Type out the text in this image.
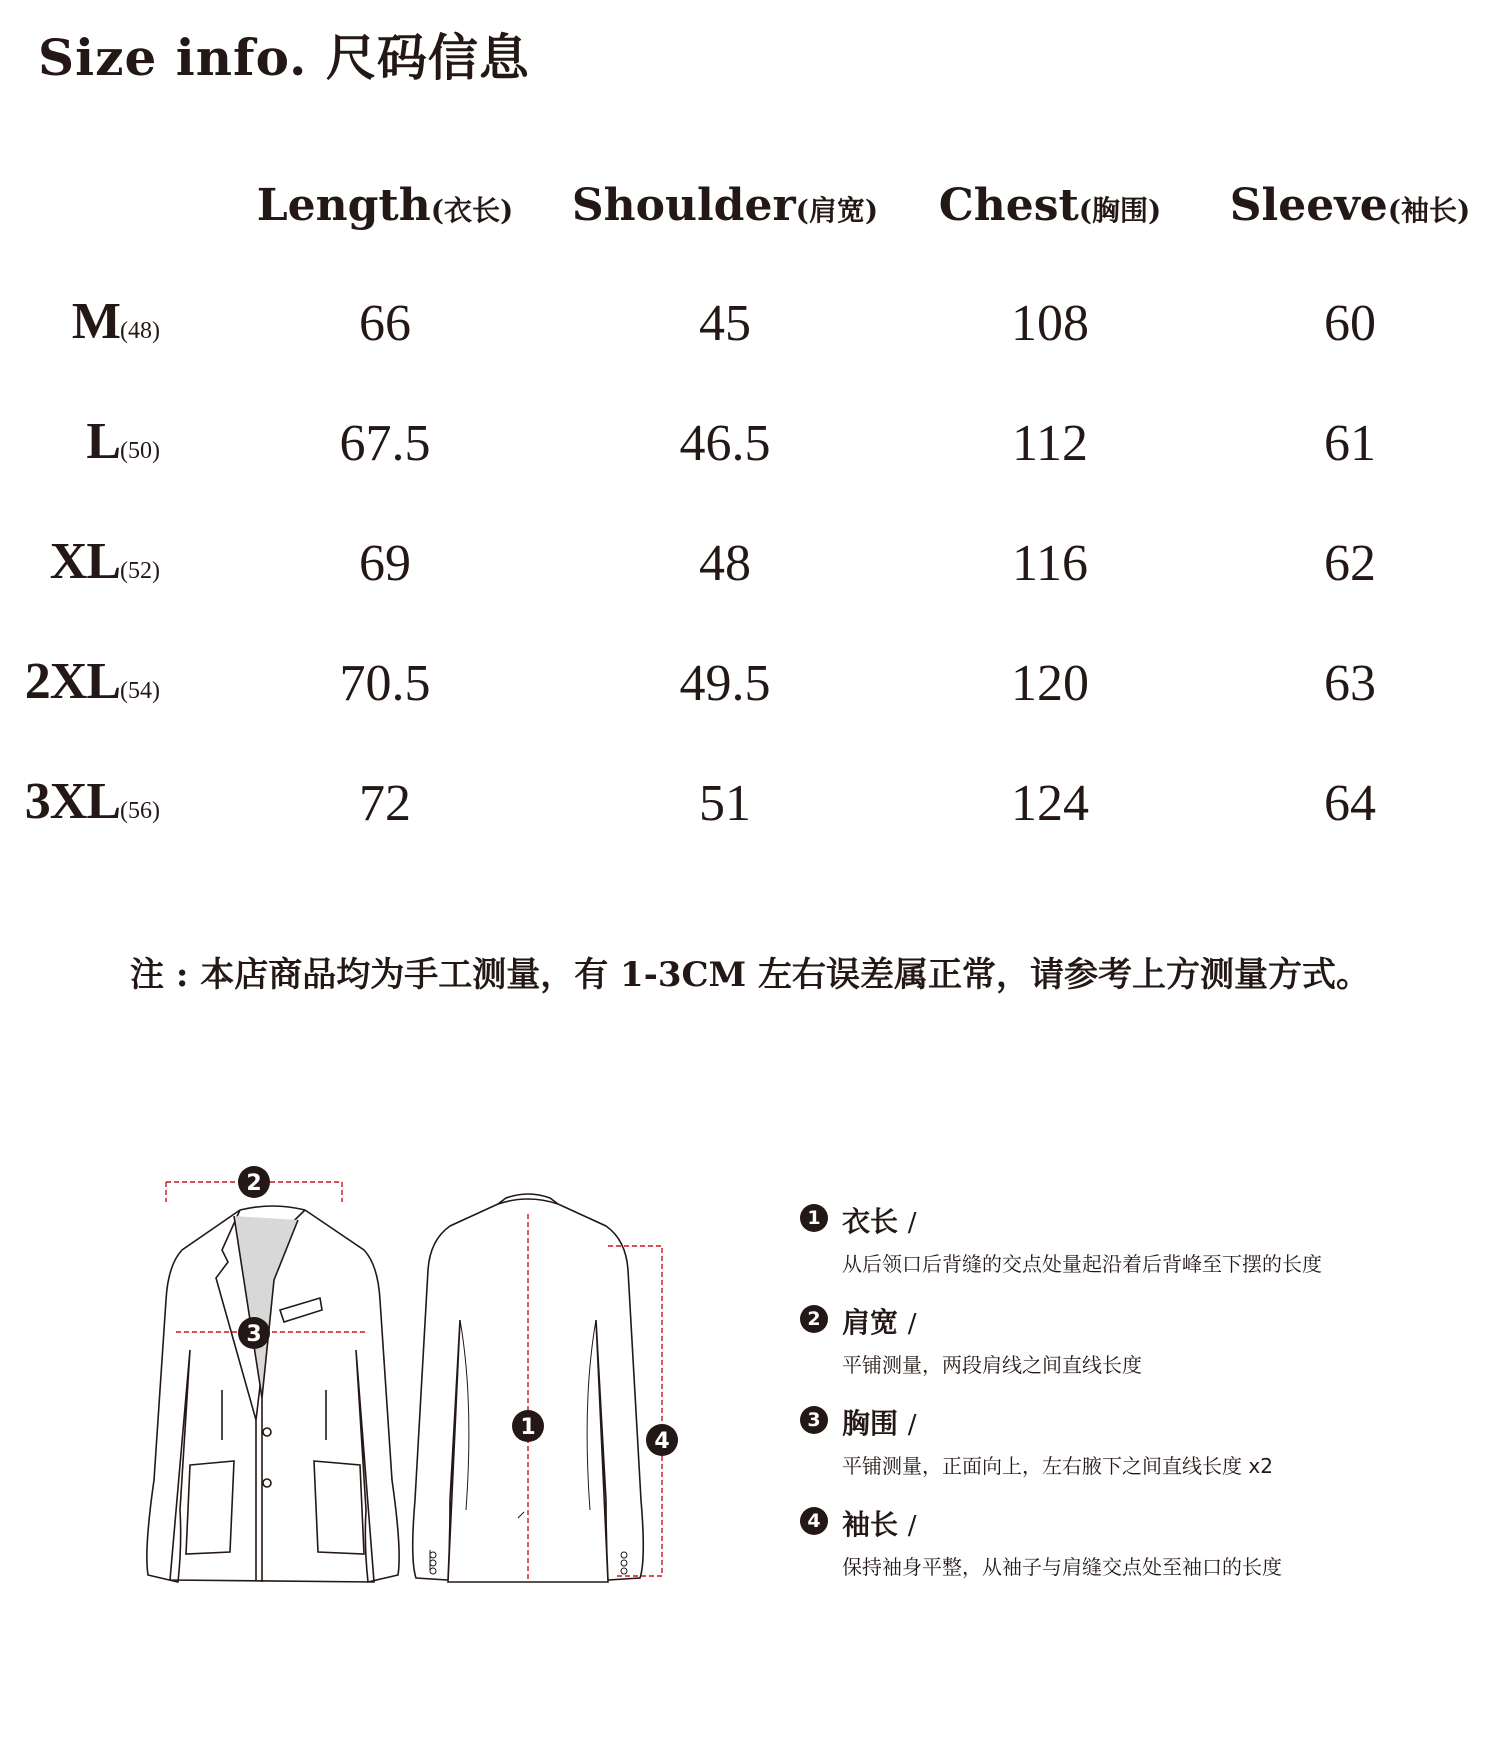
Size info. 尺码信息
Length(衣长) Shoulder(肩宽) Chest(胸围) Sleeve(袖长)
M(48)	66	45	108	60
L(50)	67.5	46.5	112	61
XL(52)	69	48	116	62
2XL(54)	70.5	49.5	120	63
3XL(56)	72	51	124	64
注 : 本店商品均为手工测量，有 1-3CM 左右误差属正常，请参考上方测量方式。
2
3
1
4
1 衣长 /
从后领口后背缝的交点处量起沿着后背峰至下摆的长度
2 肩宽 /
平铺测量，两段肩线之间直线长度
3 胸围 /
平铺测量，正面向上，左右腋下之间直线长度 x2
4 袖长 /
保持袖身平整，从袖子与肩缝交点处至袖口的长度
